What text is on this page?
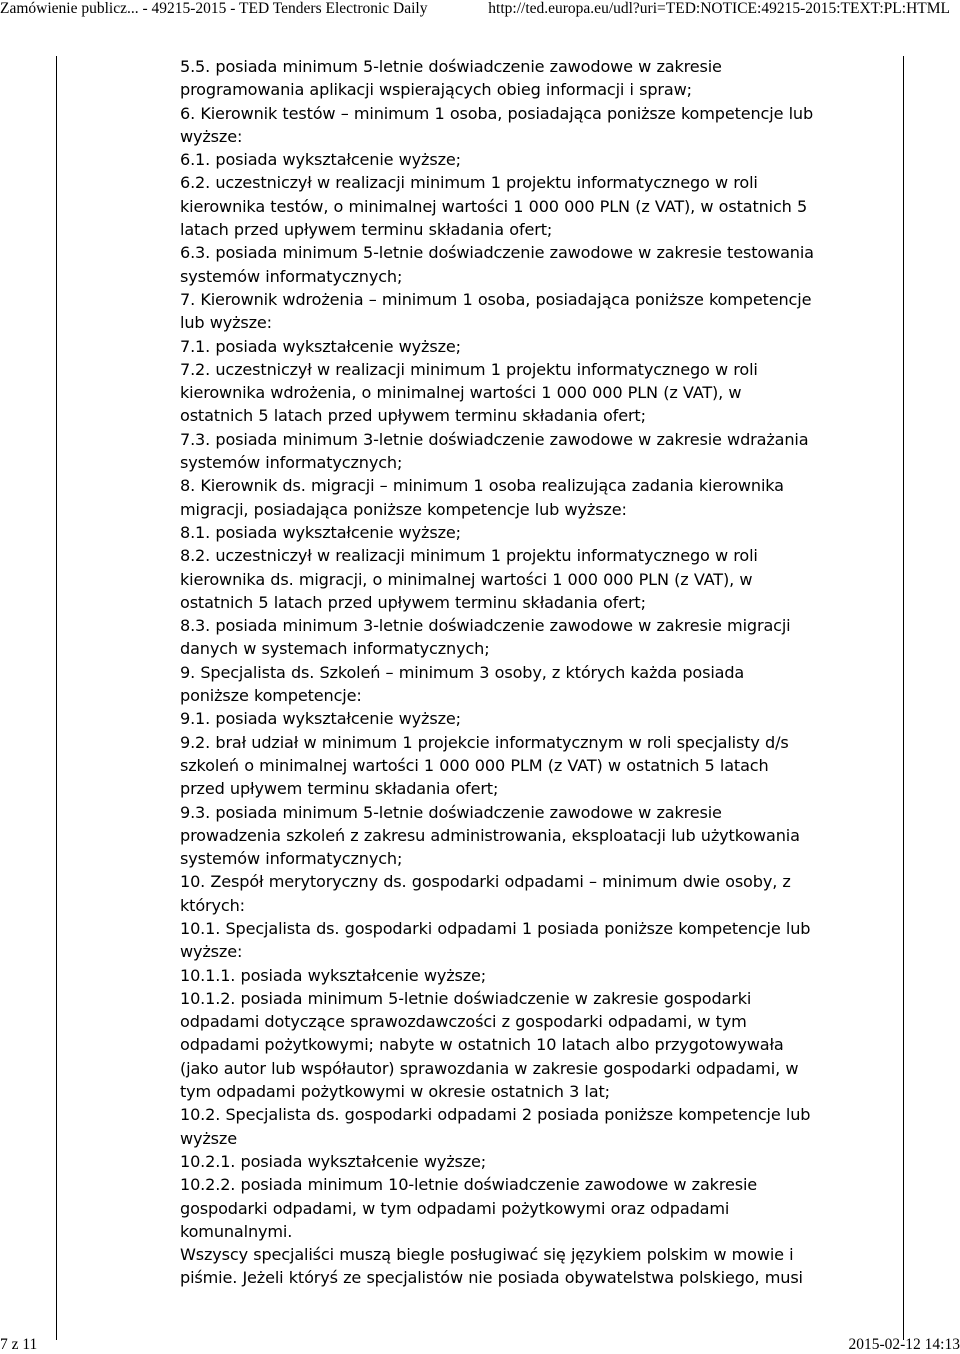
Zamówienie publicz... - 49215-2015 - TED Tenders Electronic Daily	http://ted.europa.eu/udl?uri=TED:NOTICE:49215-2015:TEXT:PL:HTML
5.5. posiada minimum 5-letnie doświadczenie zawodowe w zakresie
programowania aplikacji wspierających obieg informacji i spraw;
6. Kierownik testów – minimum 1 osoba, posiadająca poniższe kompetencje lub
wyższe:
6.1. posiada wykształcenie wyższe;
6.2. uczestniczył w realizacji minimum 1 projektu informatycznego w roli
kierownika testów, o minimalnej wartości 1 000 000 PLN (z VAT), w ostatnich 5
latach przed upływem terminu składania ofert;
6.3. posiada minimum 5-letnie doświadczenie zawodowe w zakresie testowania
systemów informatycznych;
7. Kierownik wdrożenia – minimum 1 osoba, posiadająca poniższe kompetencje
lub wyższe:
7.1. posiada wykształcenie wyższe;
7.2. uczestniczył w realizacji minimum 1 projektu informatycznego w roli
kierownika wdrożenia, o minimalnej wartości 1 000 000 PLN (z VAT), w
ostatnich 5 latach przed upływem terminu składania ofert;
7.3. posiada minimum 3-letnie doświadczenie zawodowe w zakresie wdrażania
systemów informatycznych;
8. Kierownik ds. migracji – minimum 1 osoba realizująca zadania kierownika
migracji, posiadająca poniższe kompetencje lub wyższe:
8.1. posiada wykształcenie wyższe;
8.2. uczestniczył w realizacji minimum 1 projektu informatycznego w roli
kierownika ds. migracji, o minimalnej wartości 1 000 000 PLN (z VAT), w
ostatnich 5 latach przed upływem terminu składania ofert;
8.3. posiada minimum 3-letnie doświadczenie zawodowe w zakresie migracji
danych w systemach informatycznych;
9. Specjalista ds. Szkoleń – minimum 3 osoby, z których każda posiada
poniższe kompetencje:
9.1. posiada wykształcenie wyższe;
9.2. brał udział w minimum 1 projekcie informatycznym w roli specjalisty d/s
szkoleń o minimalnej wartości 1 000 000 PLM (z VAT) w ostatnich 5 latach
przed upływem terminu składania ofert;
9.3. posiada minimum 5-letnie doświadczenie zawodowe w zakresie
prowadzenia szkoleń z zakresu administrowania, eksploatacji lub użytkowania
systemów informatycznych;
10. Zespół merytoryczny ds. gospodarki odpadami – minimum dwie osoby, z
których:
10.1. Specjalista ds. gospodarki odpadami 1 posiada poniższe kompetencje lub
wyższe:
10.1.1. posiada wykształcenie wyższe;
10.1.2. posiada minimum 5-letnie doświadczenie w zakresie gospodarki
odpadami dotyczące sprawozdawczości z gospodarki odpadami, w tym
odpadami pożytkowymi; nabyte w ostatnich 10 latach albo przygotowywała
(jako autor lub współautor) sprawozdania w zakresie gospodarki odpadami, w
tym odpadami pożytkowymi w okresie ostatnich 3 lat;
10.2. Specjalista ds. gospodarki odpadami 2 posiada poniższe kompetencje lub
wyższe
10.2.1. posiada wykształcenie wyższe;
10.2.2. posiada minimum 10-letnie doświadczenie zawodowe w zakresie
gospodarki odpadami, w tym odpadami pożytkowymi oraz odpadami
komunalnymi.
Wszyscy specjaliści muszą biegle posługiwać się językiem polskim w mowie i
piśmie. Jeżeli któryś ze specjalistów nie posiada obywatelstwa polskiego, musi
7 z 11	2015-02-12 14:13
